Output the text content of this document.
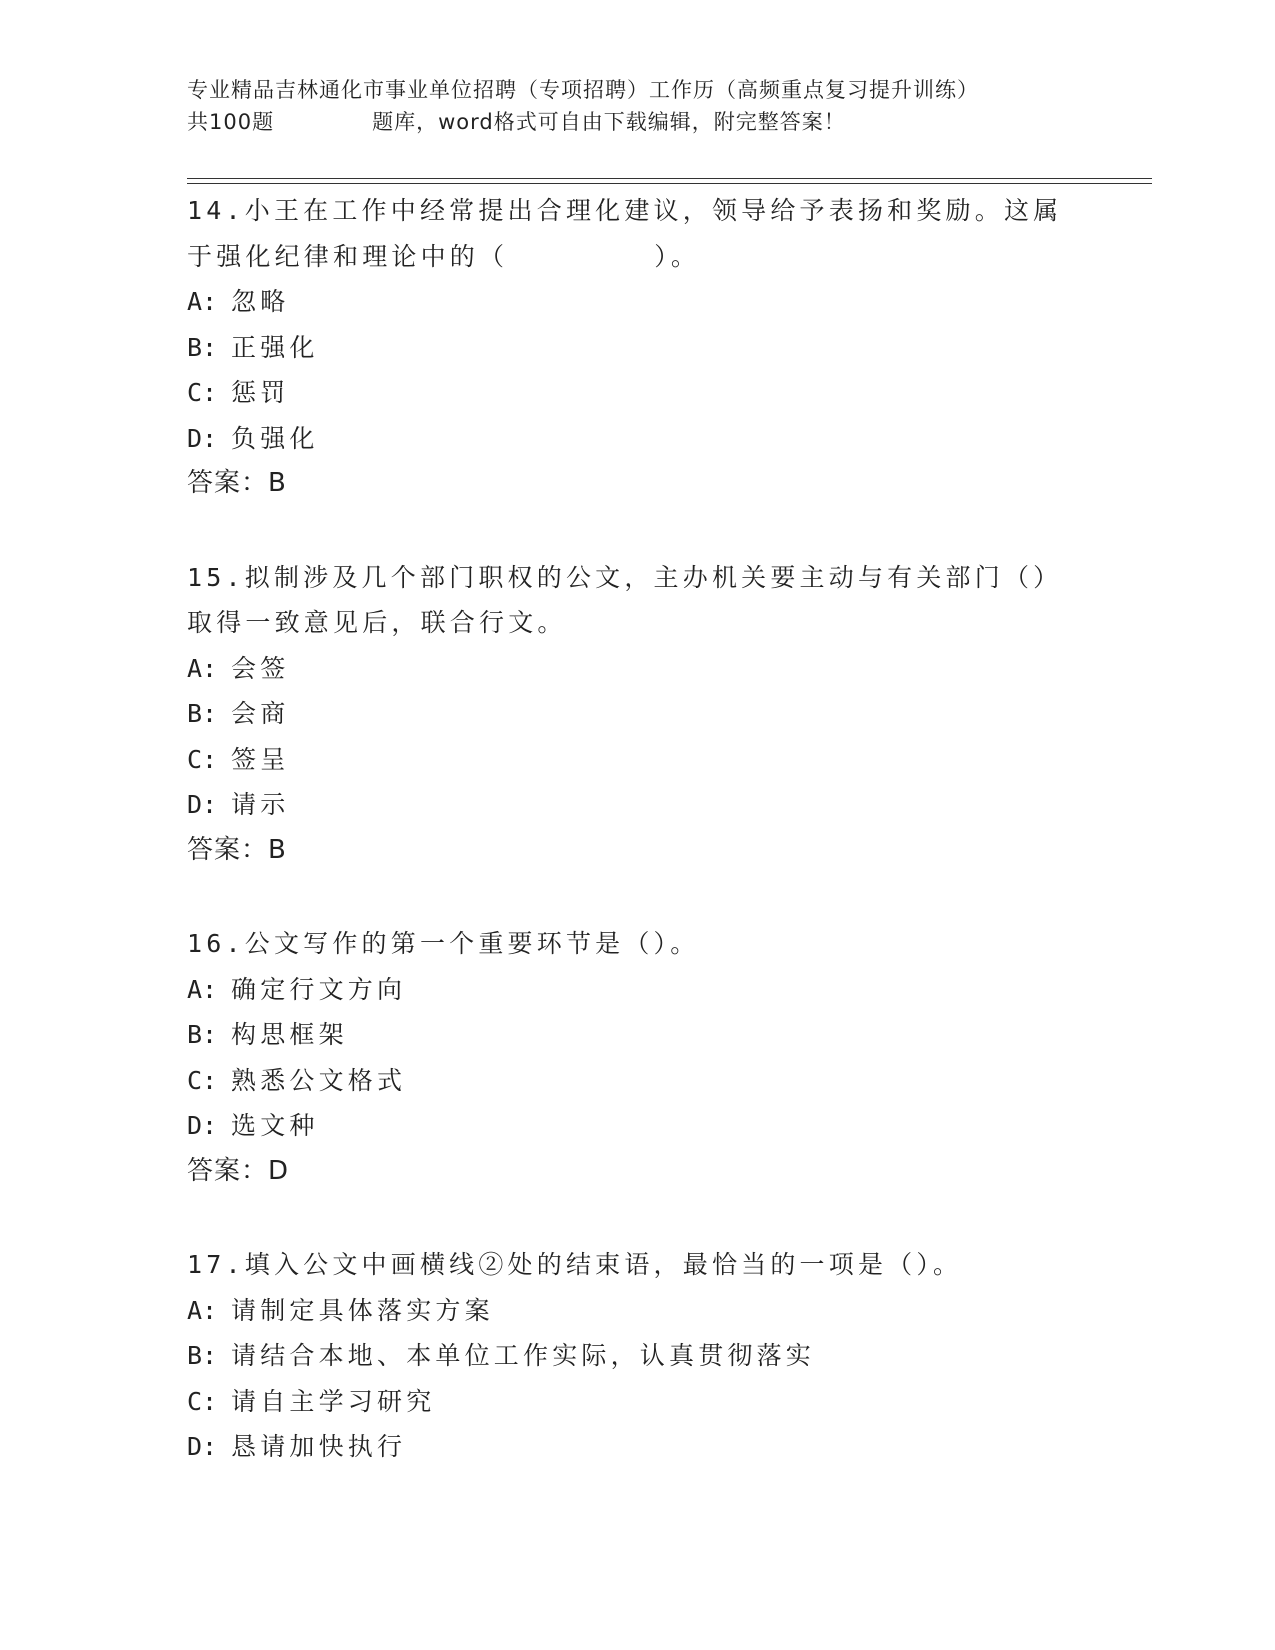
专业精品吉林通化市事业单位招聘（专项招聘）工作历（高频重点复习提升训练）
共100题	题库，word格式可自由下载编辑，附完整答案！
14.小王在工作中经常提出合理化建议，领导给予表扬和奖励。这属于强化纪律和理论中的（　　　　　）。
A: 忽略
B: 正强化
C: 惩罚
D: 负强化
答案：B
15.拟制涉及几个部门职权的公文，主办机关要主动与有关部门（）取得一致意见后，联合行文。
A: 会签
B: 会商
C: 签呈
D: 请示
答案：B
16.公文写作的第一个重要环节是（）。
A: 确定行文方向
B: 构思框架
C: 熟悉公文格式
D: 选文种
答案：D
17.填入公文中画横线②处的结束语，最恰当的一项是（）。
A: 请制定具体落实方案
B: 请结合本地、本单位工作实际，认真贯彻落实
C: 请自主学习研究
D: 恳请加快执行
